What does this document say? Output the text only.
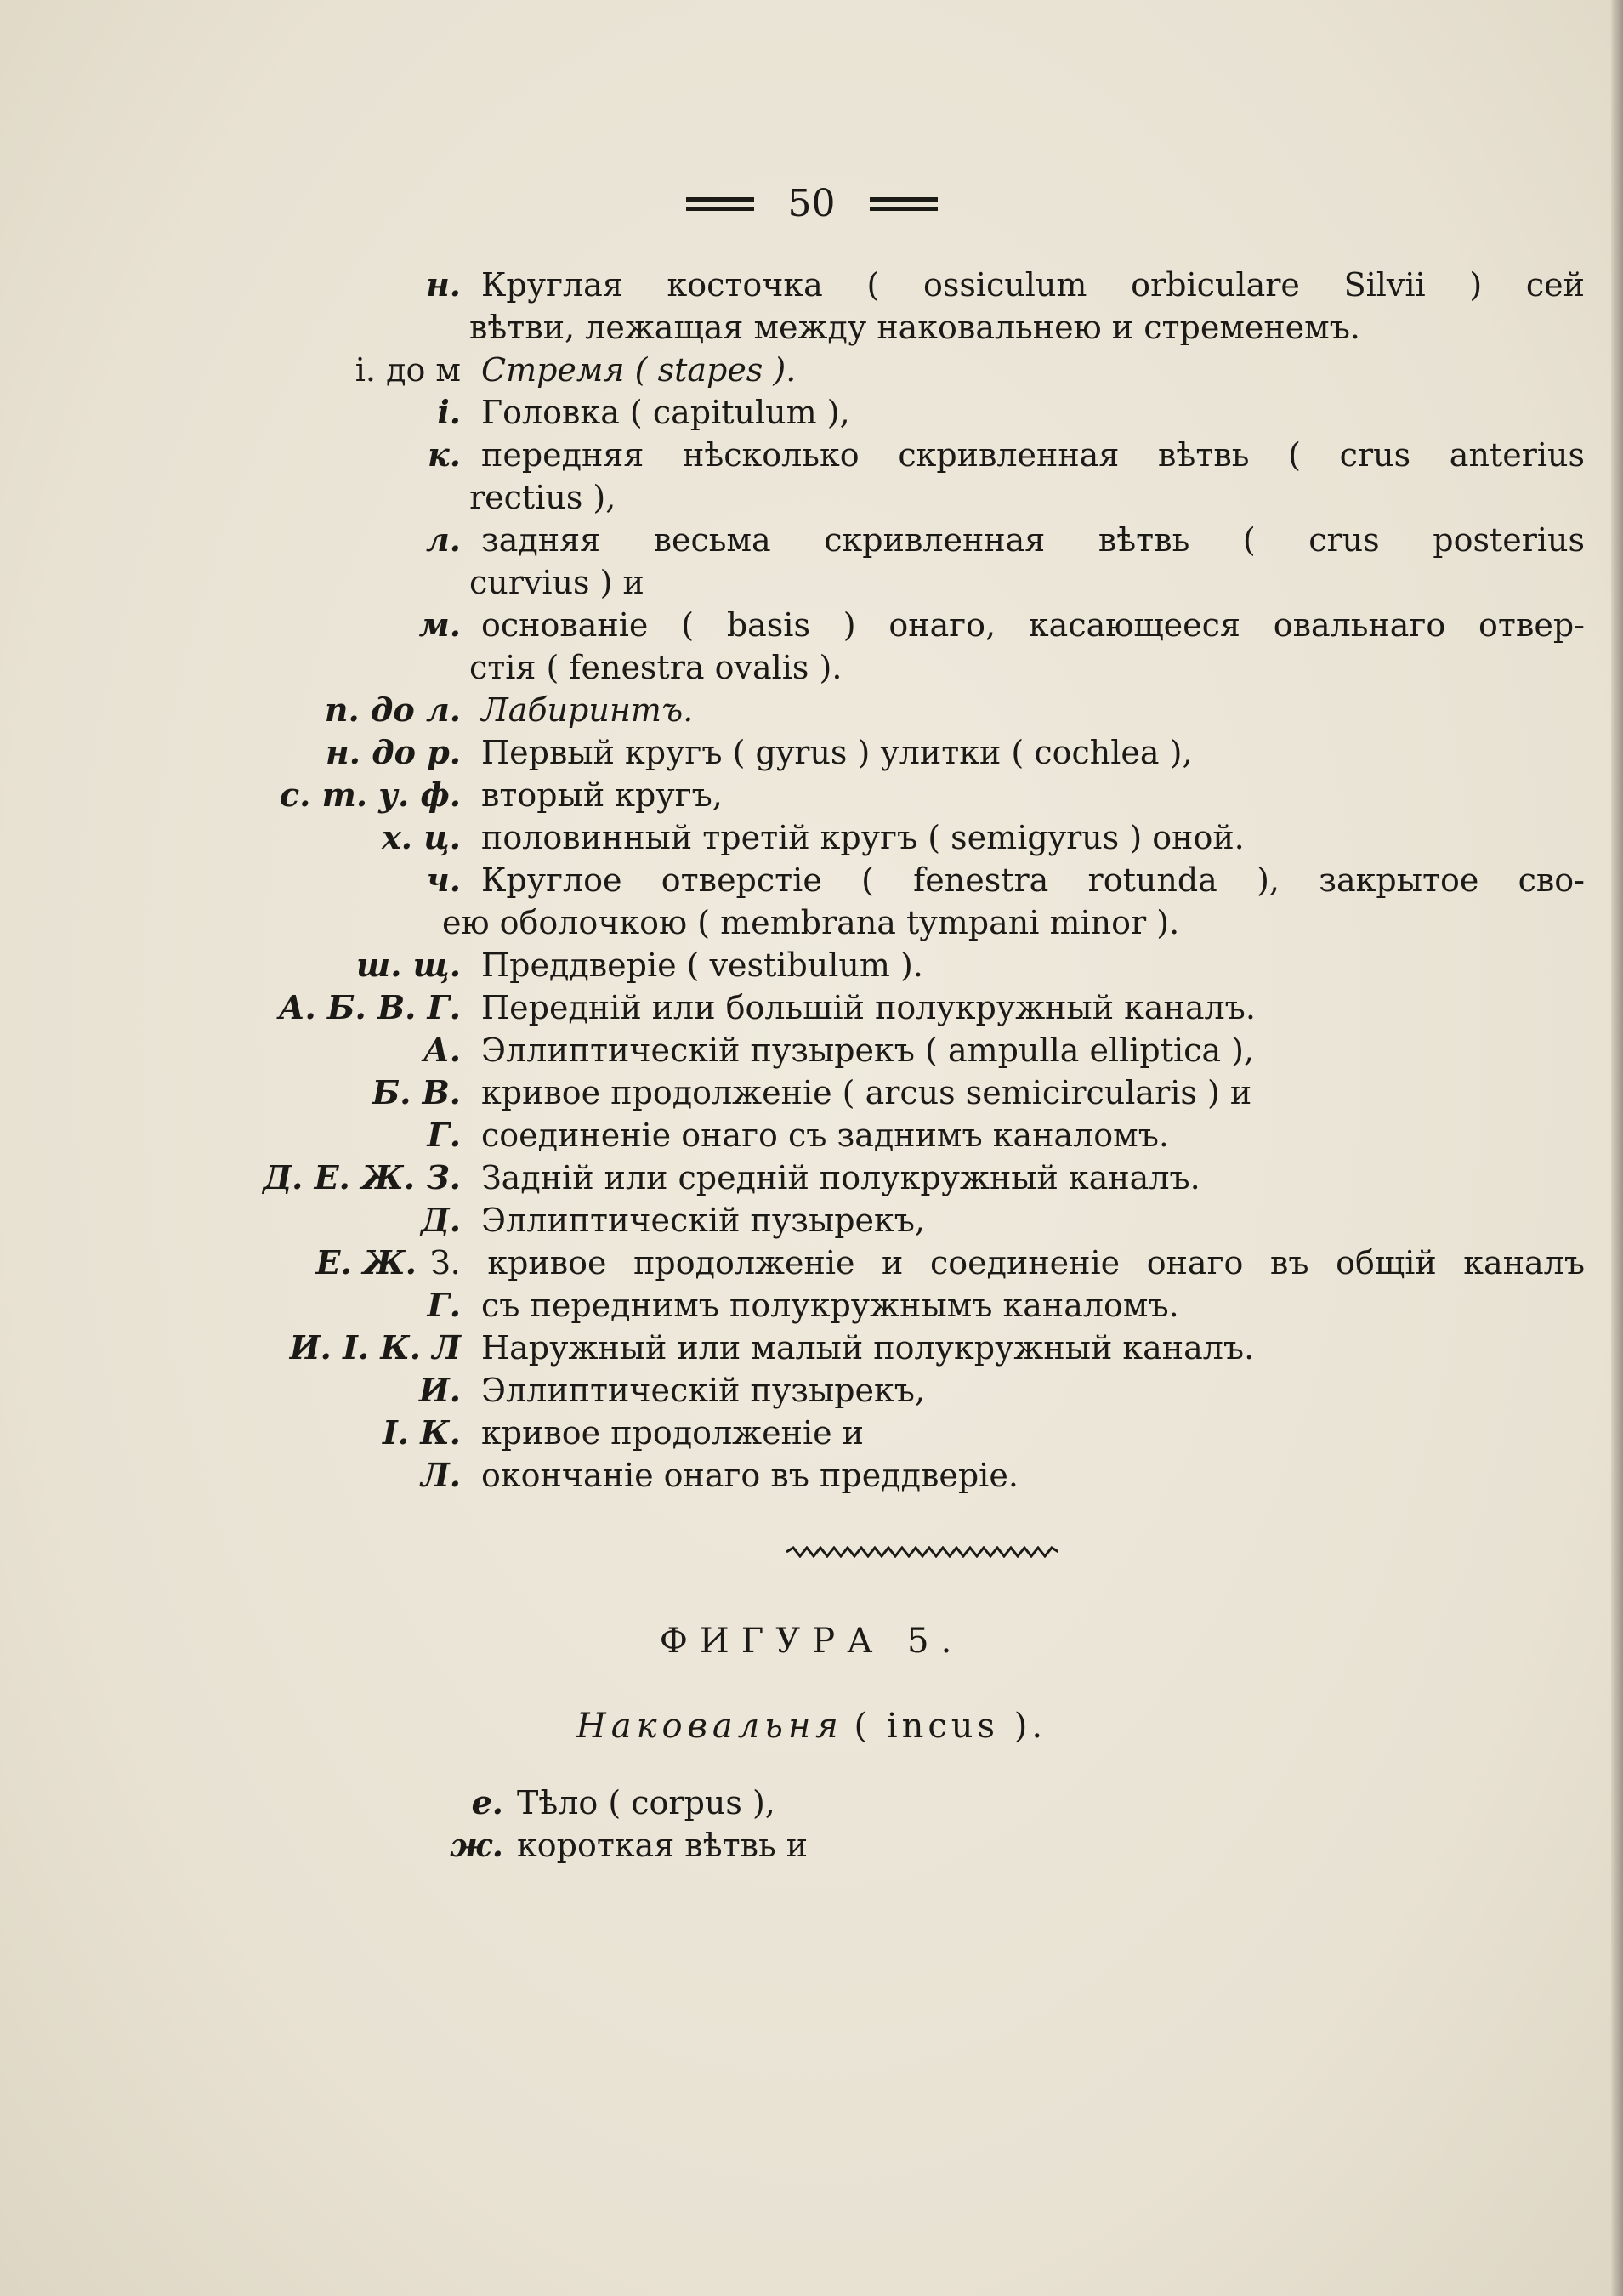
50
н. Круглая косточка ( ossiculum orbiculare Silvii ) сей
вѣтви, лежащая между наковальнею и стременемъ.
і. до м Стремя ( stapes ).
і. Головка ( capitulum ),
к. передняя нѣсколько скривленная вѣтвь ( crus anterius
rectius ),
л. задняя весьма скривленная вѣтвь ( crus posterius
curvius ) и
м. основаніе ( basis ) онаго, касающееся овальнаго отвер-
стія ( fenestra ovalis ).
п. до л. Лабиринтъ.
н. до р. Первый кругъ ( gyrus ) улитки ( cochlea ),
с. т. у. ф. вторый кругъ,
х. ц. половинный третій кругъ ( semigyrus ) оной.
ч. Круглое отверстіе ( fenestra rotunda ), закрытое сво-
ею оболочкою ( membrana tympani minor ).
ш. щ. Преддверіе ( vestibulum ).
А. Б. В. Г. Передній или большій полукружный каналъ.
А. Эллиптическій пузырекъ ( ampulla elliptica ),
Б. В. кривое продолженіе ( arcus semicircularis ) и
Г. соединеніе онаго съ заднимъ каналомъ.
Д. Е. Ж. З. Задній или средній полукружный каналъ.
Д. Эллиптическій пузырекъ,
Е. Ж. З. кривое продолженіе и соединеніе онаго въ общій каналъ
Г. съ переднимъ полукружнымъ каналомъ.
И. І. К. Л Наружный или малый полукружный каналъ.
И. Эллиптическій пузырекъ,
І. К. кривое продолженіе и
Л. окончаніе онаго въ преддверіе.
ФИГУРА 5.
Наковальня ( incus ).
е. Тѣло ( corpus ),
ж. короткая вѣтвь и
